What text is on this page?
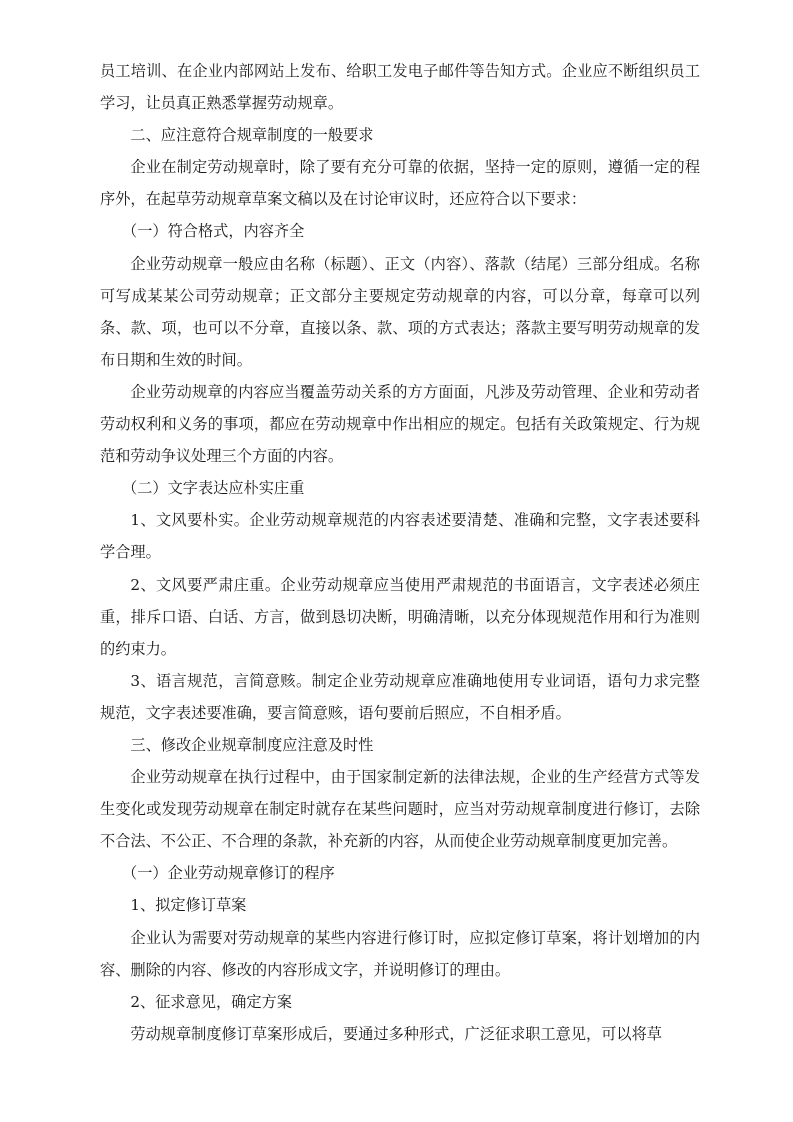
员工培训、在企业内部网站上发布、给职工发电子邮件等告知方式。企业应不断组织员工学习，让员真正熟悉掌握劳动规章。

二、应注意符合规章制度的一般要求

企业在制定劳动规章时，除了要有充分可靠的依据，坚持一定的原则，遵循一定的程序外，在起草劳动规章草案文稿以及在讨论审议时，还应符合以下要求：

（一）符合格式，内容齐全

企业劳动规章一般应由名称（标题）、正文（内容）、落款（结尾）三部分组成。名称可写成某某公司劳动规章；正文部分主要规定劳动规章的内容，可以分章，每章可以列条、款、项，也可以不分章，直接以条、款、项的方式表达；落款主要写明劳动规章的发布日期和生效的时间。

企业劳动规章的内容应当覆盖劳动关系的方方面面，凡涉及劳动管理、企业和劳动者劳动权利和义务的事项，都应在劳动规章中作出相应的规定。包括有关政策规定、行为规范和劳动争议处理三个方面的内容。

（二）文字表达应朴实庄重

1、文风要朴实。企业劳动规章规范的内容表述要清楚、准确和完整，文字表述要科学合理。

2、文风要严肃庄重。企业劳动规章应当使用严肃规范的书面语言，文字表述必须庄重，排斥口语、白话、方言，做到恳切决断，明确清晰，以充分体现规范作用和行为准则的约束力。

3、语言规范，言简意赅。制定企业劳动规章应准确地使用专业词语，语句力求完整规范，文字表述要准确，要言简意赅，语句要前后照应，不自相矛盾。

三、修改企业规章制度应注意及时性

企业劳动规章在执行过程中，由于国家制定新的法律法规，企业的生产经营方式等发生变化或发现劳动规章在制定时就存在某些问题时，应当对劳动规章制度进行修订，去除不合法、不公正、不合理的条款，补充新的内容，从而使企业劳动规章制度更加完善。

（一）企业劳动规章修订的程序

1、拟定修订草案

企业认为需要对劳动规章的某些内容进行修订时，应拟定修订草案，将计划增加的内容、删除的内容、修改的内容形成文字，并说明修订的理由。

2、征求意见，确定方案

劳动规章制度修订草案形成后，要通过多种形式，广泛征求职工意见，可以将草
